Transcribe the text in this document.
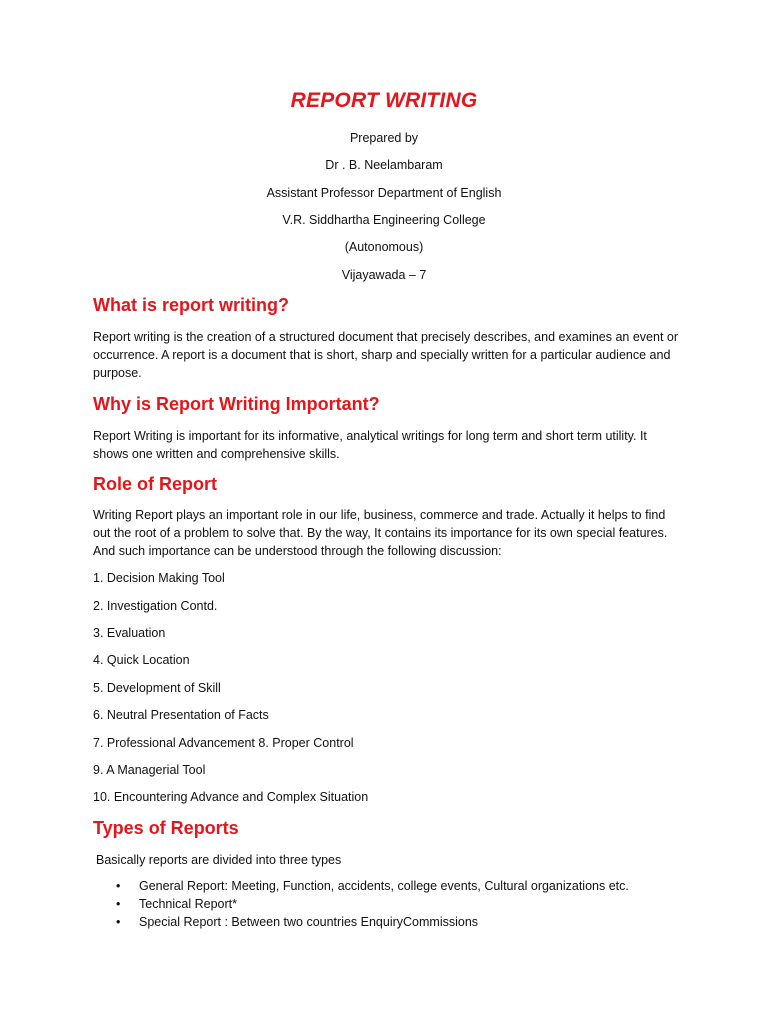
REPORT WRITING
Prepared by
Dr . B. Neelambaram
Assistant Professor Department of English
V.R. Siddhartha Engineering College
(Autonomous)
Vijayawada – 7
What is report writing?
Report writing is the creation of a structured document that precisely describes, and examines an event or occurrence. A report is a document that is short, sharp and specially written for a particular audience and purpose.
Why is Report Writing Important?
Report Writing is important for its informative, analytical writings for long term and short term utility. It shows one written and comprehensive skills.
Role of Report
Writing Report plays an important role in our life, business, commerce and trade. Actually it helps to find out the root of a problem to solve that. By the way, It contains its importance for its own special features. And such importance can be understood through the following discussion:
1. Decision Making Tool
2. Investigation Contd.
3. Evaluation
4. Quick Location
5. Development of Skill
6. Neutral Presentation of Facts
7. Professional Advancement 8. Proper Control
9. A Managerial Tool
10. Encountering Advance and Complex Situation
Types of Reports
Basically reports are divided into three types
• General Report: Meeting, Function, accidents, college events, Cultural organizations etc.
• Technical Report*
• Special Report : Between two countries EnquiryCommissions
